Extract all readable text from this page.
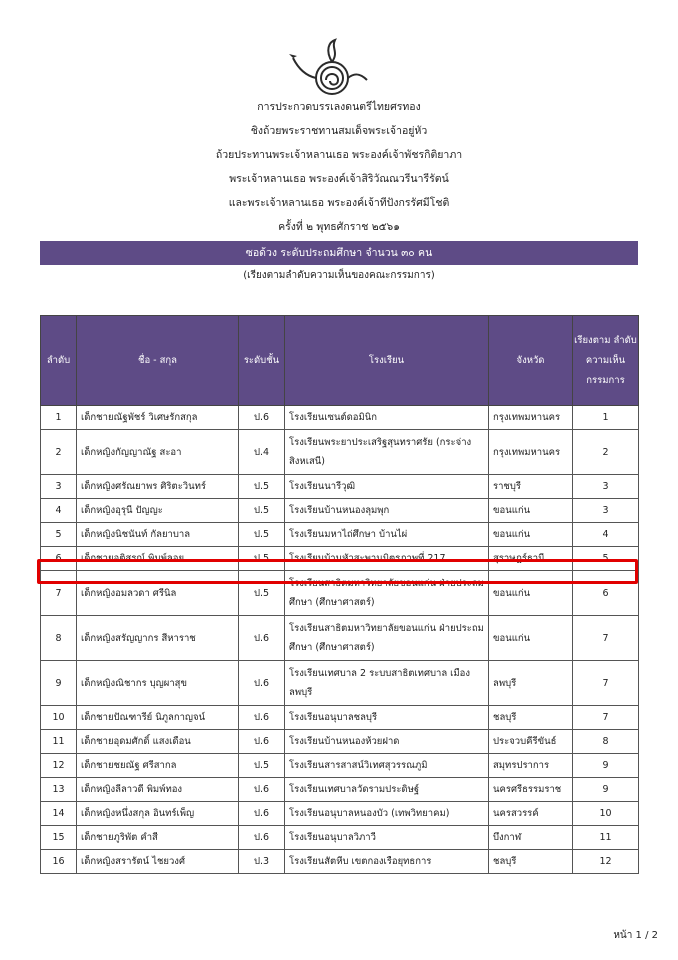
การประกวดบรรเลงดนตรีไทยศรทอง
ชิงถ้วยพระราชทานสมเด็จพระเจ้าอยู่หัว
ถ้วยประทานพระเจ้าหลานเธอ พระองค์เจ้าพัชรกิติยาภา
พระเจ้าหลานเธอ พระองค์เจ้าสิริวัณณวรีนารีรัตน์
และพระเจ้าหลานเธอ พระองค์เจ้าทีปังกรรัศมีโชติ
ครั้งที่ ๒ พุทธศักราช ๒๕๖๑
ซอด้วง ระดับประถมศึกษา จำนวน ๓๐ คน
(เรียงตามลำดับความเห็นของคณะกรรมการ)
ลำดับ	ชื่อ - สกุล	ระดับชั้น	โรงเรียน	จังหวัด	เรียงตาม ลำดับ ความเห็น กรรมการ
1	เด็กชายณัฐพัชร์ วิเศษรักสกุล	ป.6	โรงเรียนเซนต์ดอมินิก	กรุงเทพมหานคร	1
2	เด็กหญิงกัญญาณัฐ สะอา	ป.4	โรงเรียนพระยาประเสริฐสุนทราศรัย (กระจ่าง สิงหเสนี)	กรุงเทพมหานคร	2
3	เด็กหญิงศรัณยาพร ศิริตะวินทร์	ป.5	โรงเรียนนารีวุฒิ	ราชบุรี	3
4	เด็กหญิงอุรุนี ปัญญะ	ป.5	โรงเรียนบ้านหนองลุมพุก	ขอนแก่น	3
5	เด็กหญิงนิชนันท์ กัลยาบาล	ป.5	โรงเรียนมหาไถ่ศึกษา บ้านไผ่	ขอนแก่น	4
6	เด็กชายอติสรณ์ พิมพ์ลอย	ป.5	โรงเรียนบ้านหัวสะพานมิตรภาพที่ 217	สุราษฎร์ธานี	5
7	เด็กหญิงอมลวดา ศรีนิล	ป.5	โรงเรียนสาธิตมหาวิทยาลัยขอนแก่น ฝ่ายประถมศึกษา (ศึกษาศาสตร์)	ขอนแก่น	6
8	เด็กหญิงสรัญญากร สีหาราช	ป.6	โรงเรียนสาธิตมหาวิทยาลัยขอนแก่น ฝ่ายประถมศึกษา (ศึกษาศาสตร์)	ขอนแก่น	7
9	เด็กหญิงณิชากร บุญผาสุข	ป.6	โรงเรียนเทศบาล 2 ระบบสาธิตเทศบาล เมืองลพบุรี	ลพบุรี	7
10	เด็กชายปัณฑารีย์ นิภูลกาญจน์	ป.6	โรงเรียนอนุบาลชลบุรี	ชลบุรี	7
11	เด็กชายอุดมศักดิ์ แสงเดือน	ป.6	โรงเรียนบ้านหนองห้วยฝาด	ประจวบคีรีขันธ์	8
12	เด็กชายชยณัฐ ศรีสากล	ป.5	โรงเรียนสารสาสน์วิเทศสุวรรณภูมิ	สมุทรปราการ	9
13	เด็กหญิงลีลาวดี พิมพ์ทอง	ป.6	โรงเรียนเทศบาลวัดรามประดิษฐ์	นครศรีธรรมราช	9
14	เด็กหญิงหนึ่งสกุล อินทร์เพ็ญ	ป.6	โรงเรียนอนุบาลหนองบัว (เทพวิทยาคม)	นครสวรรค์	10
15	เด็กชายภูริพัต คำสี	ป.6	โรงเรียนอนุบาลวิภาวี	บึงกาฬ	11
16	เด็กหญิงสรารัตน์ ไชยวงศ์	ป.3	โรงเรียนสัตหีบ เขตกองเรือยุทธการ	ชลบุรี	12
หน้า 1 / 2
